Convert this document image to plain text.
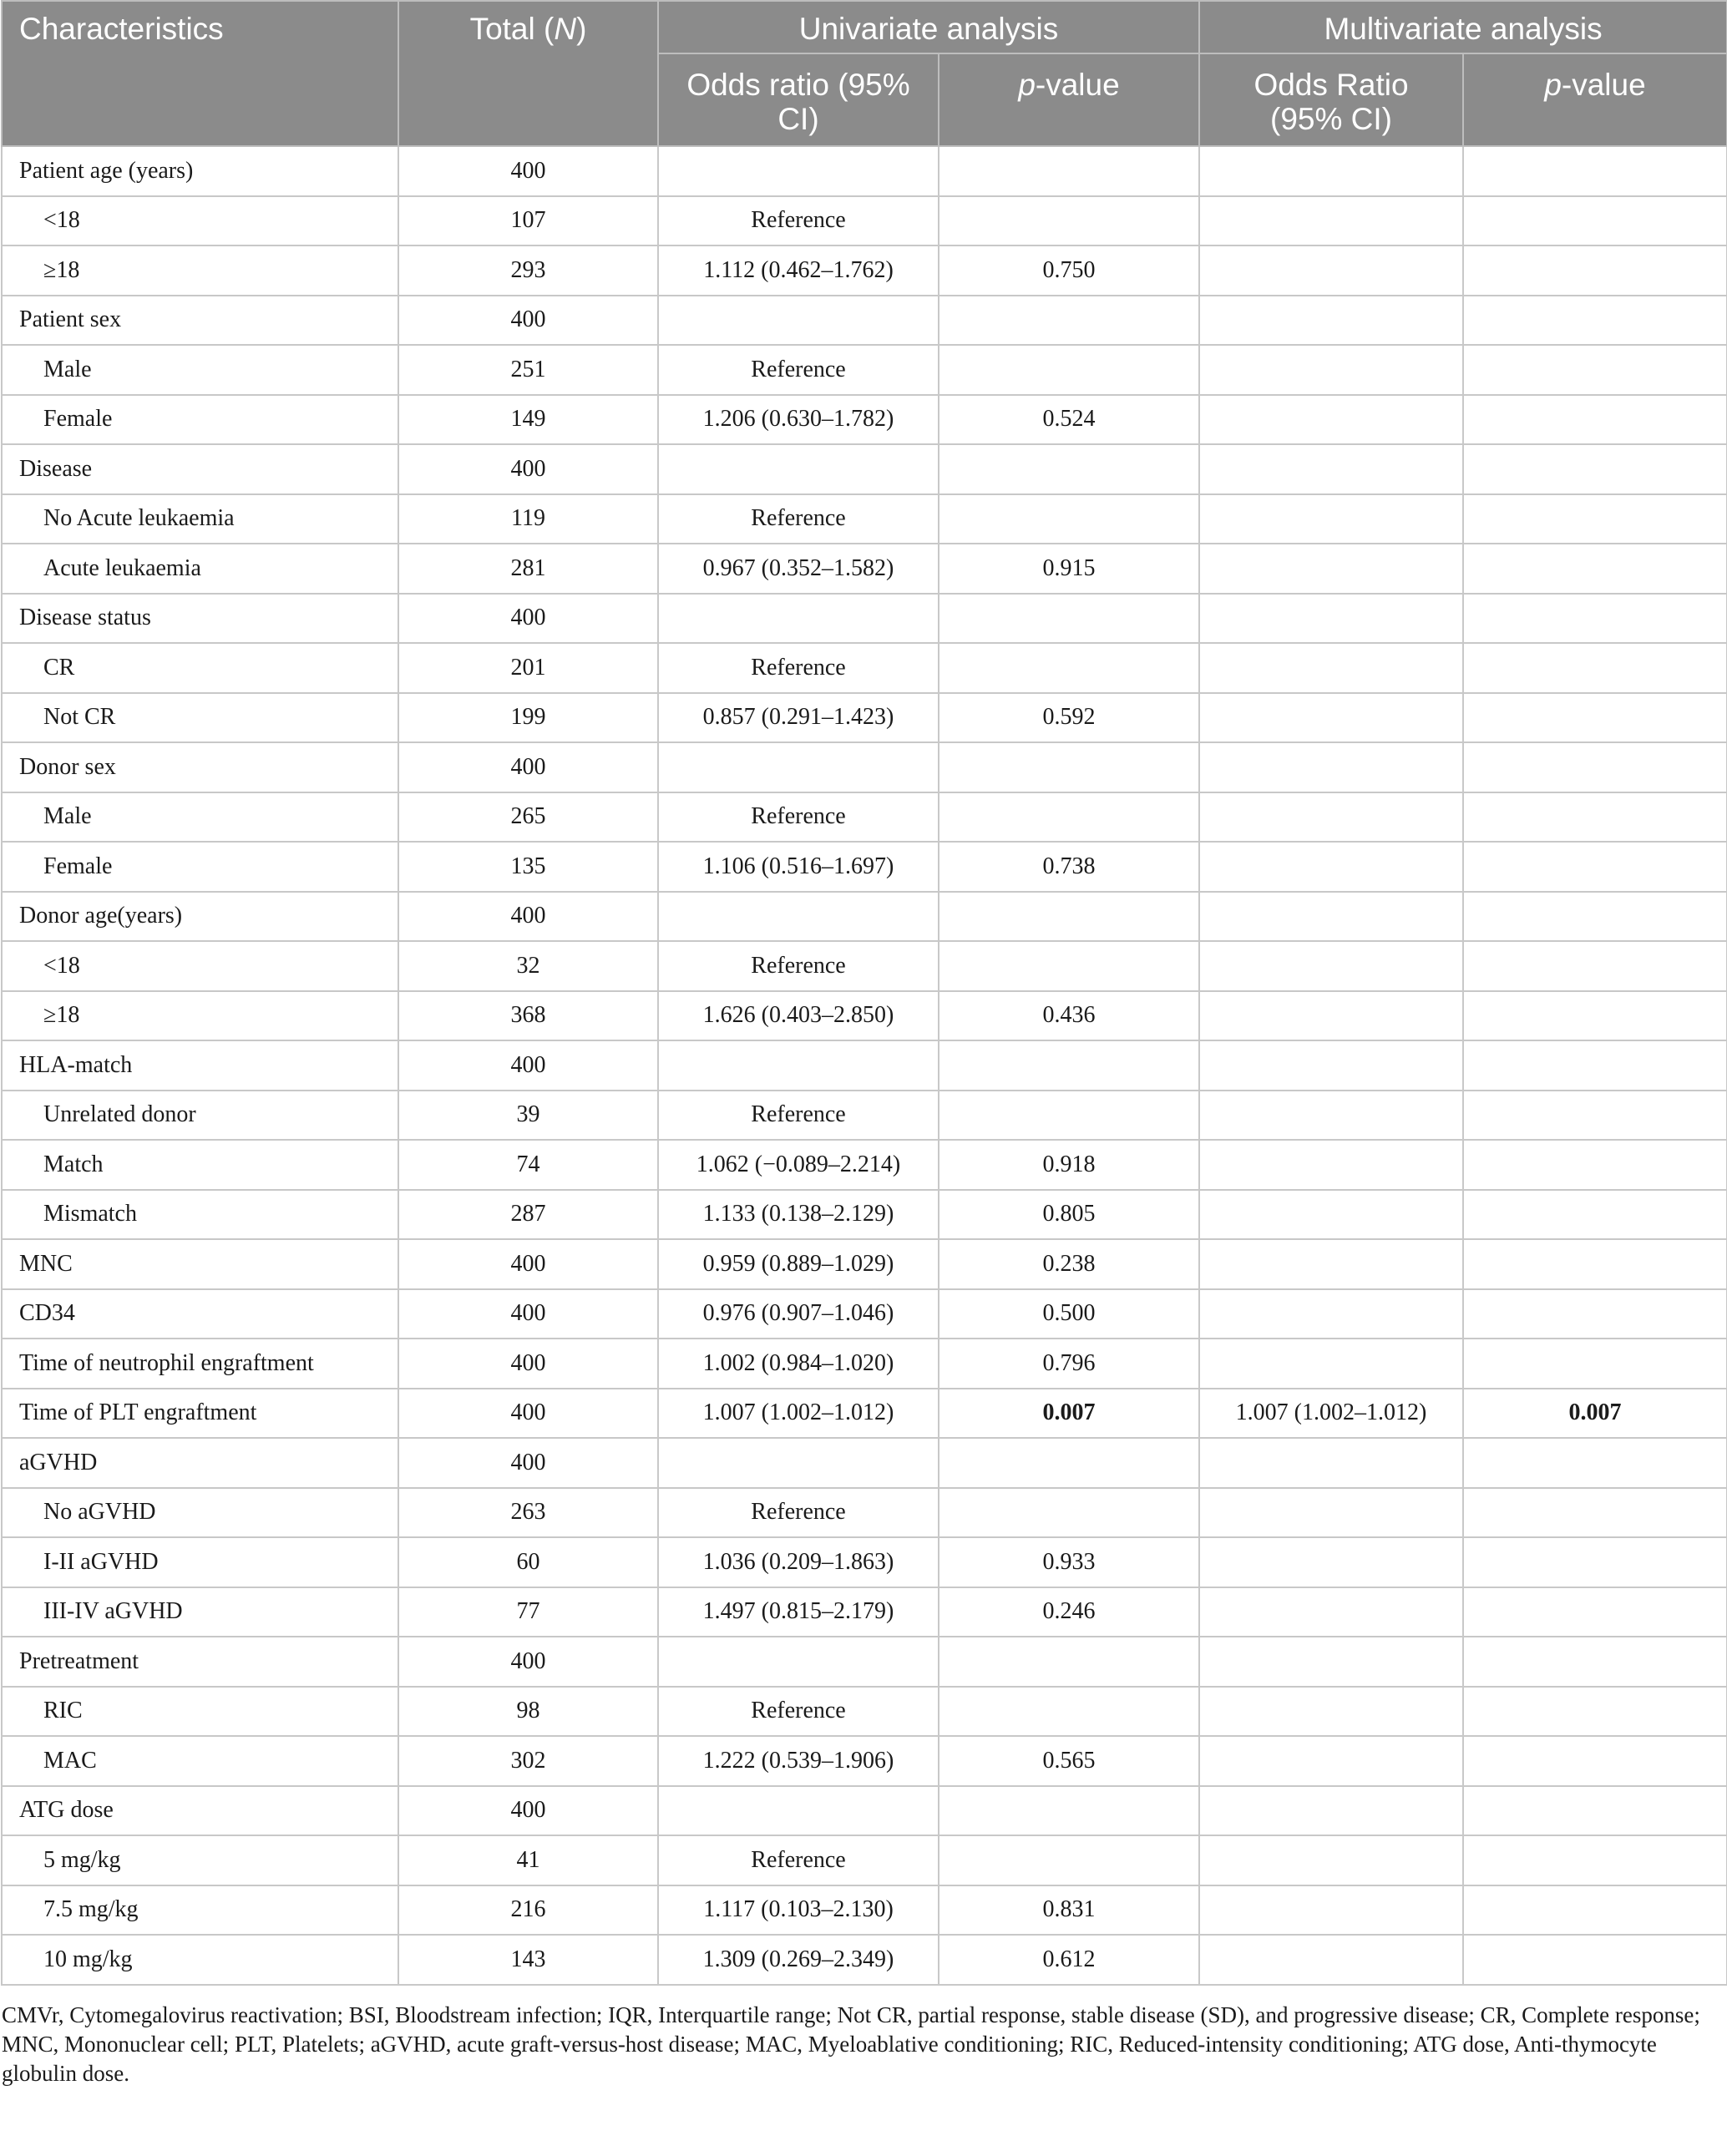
Characteristics	Total (N)	Univariate analysis		Multivariate analysis	
		Odds ratio (95% CI)	p-value	Odds Ratio (95% CI)	p-value
Patient age (years)	400				
<18	107	Reference			
≥18	293	1.112 (0.462–1.762)	0.750		
Patient sex	400				
Male	251	Reference			
Female	149	1.206 (0.630–1.782)	0.524		
Disease	400				
No Acute leukaemia	119	Reference			
Acute leukaemia	281	0.967 (0.352–1.582)	0.915		
Disease status	400				
CR	201	Reference			
Not CR	199	0.857 (0.291–1.423)	0.592		
Donor sex	400				
Male	265	Reference			
Female	135	1.106 (0.516–1.697)	0.738		
Donor age(years)	400				
<18	32	Reference			
≥18	368	1.626 (0.403–2.850)	0.436		
HLA-match	400				
Unrelated donor	39	Reference			
Match	74	1.062 (−0.089–2.214)	0.918		
Mismatch	287	1.133 (0.138–2.129)	0.805		
MNC	400	0.959 (0.889–1.029)	0.238		
CD34	400	0.976 (0.907–1.046)	0.500		
Time of neutrophil engraftment	400	1.002 (0.984–1.020)	0.796		
Time of PLT engraftment	400	1.007 (1.002–1.012)	0.007	1.007 (1.002–1.012)	0.007
aGVHD	400				
No aGVHD	263	Reference			
I-II aGVHD	60	1.036 (0.209–1.863)	0.933		
III-IV aGVHD	77	1.497 (0.815–2.179)	0.246		
Pretreatment	400				
RIC	98	Reference			
MAC	302	1.222 (0.539–1.906)	0.565		
ATG dose	400				
5 mg/kg	41	Reference			
7.5 mg/kg	216	1.117 (0.103–2.130)	0.831		
10 mg/kg	143	1.309 (0.269–2.349)	0.612		
CMVr, Cytomegalovirus reactivation; BSI, Bloodstream infection; IQR, Interquartile range; Not CR, partial response, stable disease (SD), and progressive disease; CR, Complete response; MNC, Mononuclear cell; PLT, Platelets; aGVHD, acute graft-versus-host disease; MAC, Myeloablative conditioning; RIC, Reduced-intensity conditioning; ATG dose, Anti-thymocyte globulin dose.
